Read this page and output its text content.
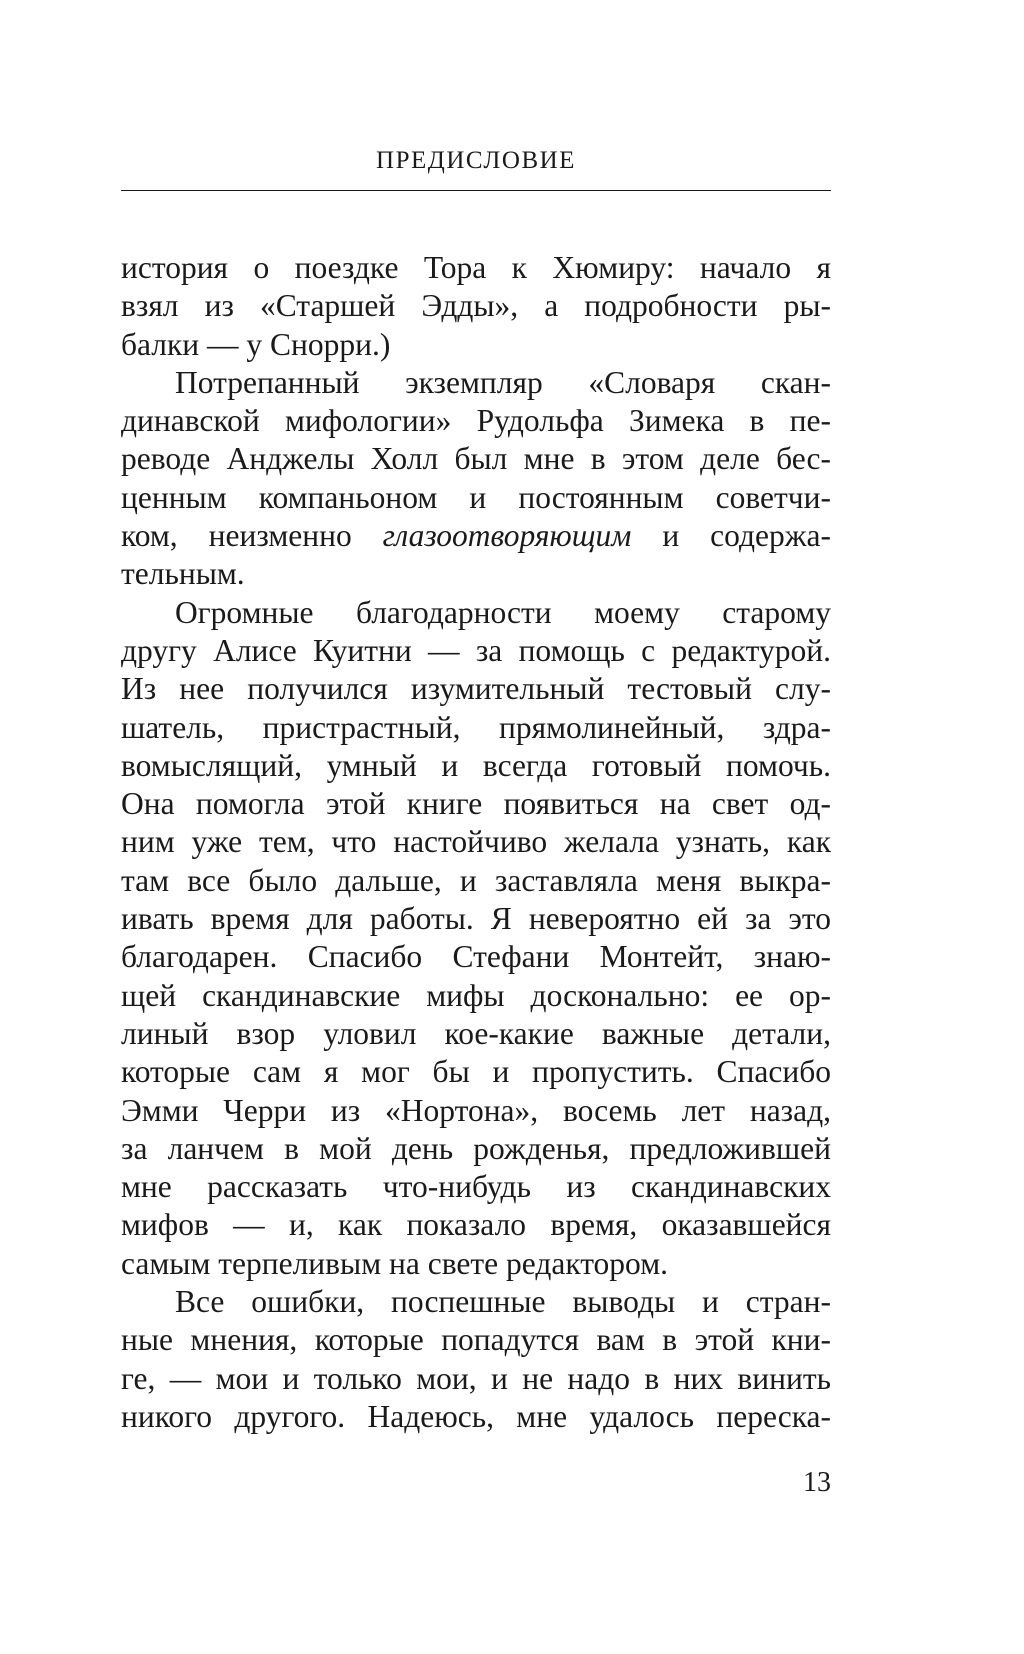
ПРЕДИСЛОВИЕ
история о поездке Тора к Хюмиру: начало я
взял из «Старшей Эдды», а подробности ры-
балки — у Снорри.)
Потрепанный экземпляр «Словаря скан-
динавской мифологии» Рудольфа Зимека в пе-
реводе Анджелы Холл был мне в этом деле бес-
ценным компаньоном и постоянным советчи-
ком, неизменно глазоотворяющим и содержа-
тельным.
Огромные благодарности моему старому
другу Алисе Куитни — за помощь с редактурой.
Из нее получился изумительный тестовый слу-
шатель, пристрастный, прямолинейный, здра-
вомыслящий, умный и всегда готовый помочь.
Она помогла этой книге появиться на свет од-
ним уже тем, что настойчиво желала узнать, как
там все было дальше, и заставляла меня выкра-
ивать время для работы. Я невероятно ей за это
благодарен. Спасибо Стефани Монтейт, знаю-
щей скандинавские мифы досконально: ее ор-
линый взор уловил кое-какие важные детали,
которые сам я мог бы и пропустить. Спасибо
Эмми Черри из «Нортона», восемь лет назад,
за ланчем в мой день рожденья, предложившей
мне рассказать что-нибудь из скандинавских
мифов — и, как показало время, оказавшейся
самым терпеливым на свете редактором.
Все ошибки, поспешные выводы и стран-
ные мнения, которые попадутся вам в этой кни-
ге, — мои и только мои, и не надо в них винить
никого другого. Надеюсь, мне удалось переска-
13
